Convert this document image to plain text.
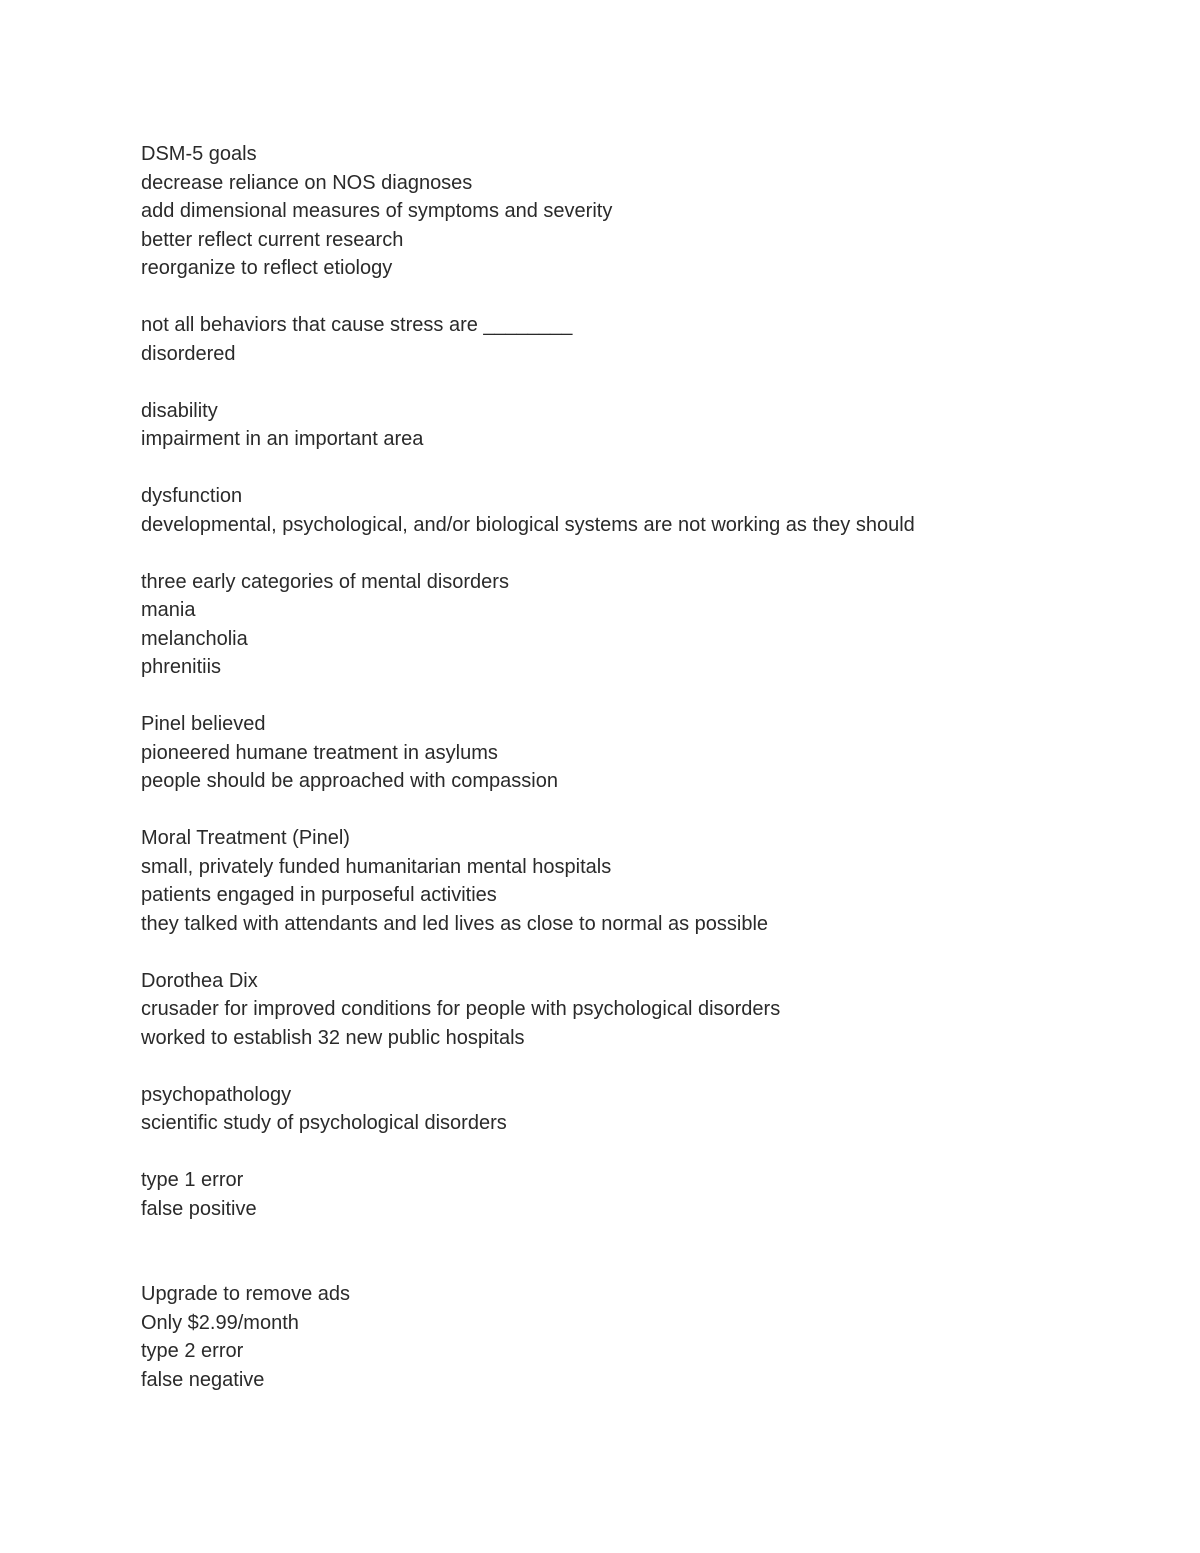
DSM-5 goals
decrease reliance on NOS diagnoses
add dimensional measures of symptoms and severity
better reflect current research
reorganize to reflect etiology
not all behaviors that cause stress are ________
disordered
disability
impairment in an important area
dysfunction
developmental, psychological, and/or biological systems are not working as they should
three early categories of mental disorders
mania
melancholia
phrenitiis
Pinel believed
pioneered humane treatment in asylums
people should be approached with compassion
Moral Treatment (Pinel)
small, privately funded humanitarian mental hospitals
patients engaged in purposeful activities
they talked with attendants and led lives as close to normal as possible
Dorothea Dix
crusader for improved conditions for people with psychological disorders
worked to establish 32 new public hospitals
psychopathology
scientific study of psychological disorders
type 1 error
false positive
Upgrade to remove ads
Only $2.99/month
type 2 error
false negative
